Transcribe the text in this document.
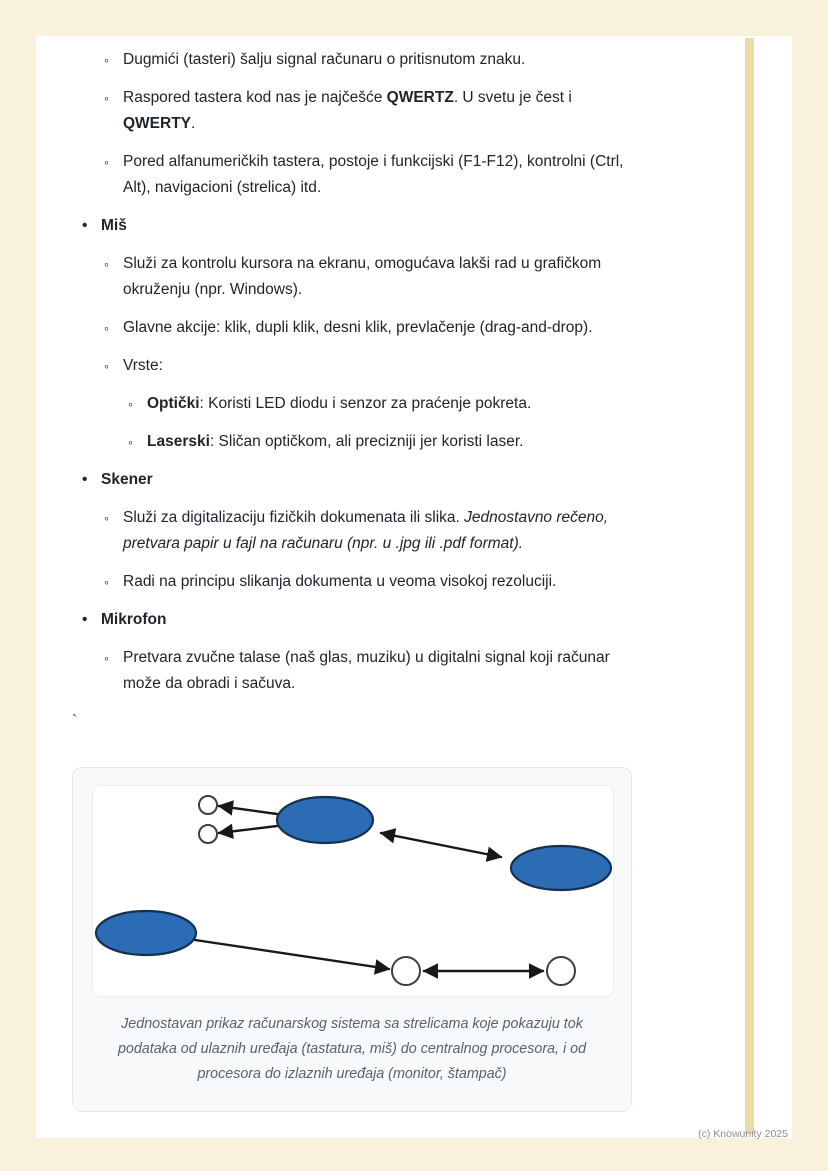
◦ Dugmići (tasteri) šalju signal računaru o pritisnutom znaku.
◦ Raspored tastera kod nas je najčešće QWERTZ. U svetu je čest i QWERTY.
◦ Pored alfanumeričkih tastera, postoje i funkcijski (F1-F12), kontrolni (Ctrl, Alt), navigacioni (strelica) itd.
• Miš
◦ Služi za kontrolu kursora na ekranu, omogućava lakši rad u grafičkom okruženju (npr. Windows).
◦ Glavne akcije: klik, dupli klik, desni klik, prevlačenje (drag-and-drop).
◦ Vrste:
◦ Optički: Koristi LED diodu i senzor za praćenje pokreta.
◦ Laserski: Sličan optičkom, ali precizniji jer koristi laser.
• Skener
◦ Služi za digitalizaciju fizičkih dokumenata ili slika. Jednostavno rečeno, pretvara papir u fajl na računaru (npr. u .jpg ili .pdf format).
◦ Radi na principu slikanja dokumenta u veoma visokoj rezoluciji.
• Mikrofon
◦ Pretvara zvučne talase (naš glas, muziku) u digitalni signal koji računar može da obradi i sačuva.
`
Jednostavan prikaz računarskog sistema sa strelicama koje pokazuju tok podataka od ulaznih uređaja (tastatura, miš) do centralnog procesora, i od procesora do izlaznih uređaja (monitor, štampač)
(c) Knowunity 2025
